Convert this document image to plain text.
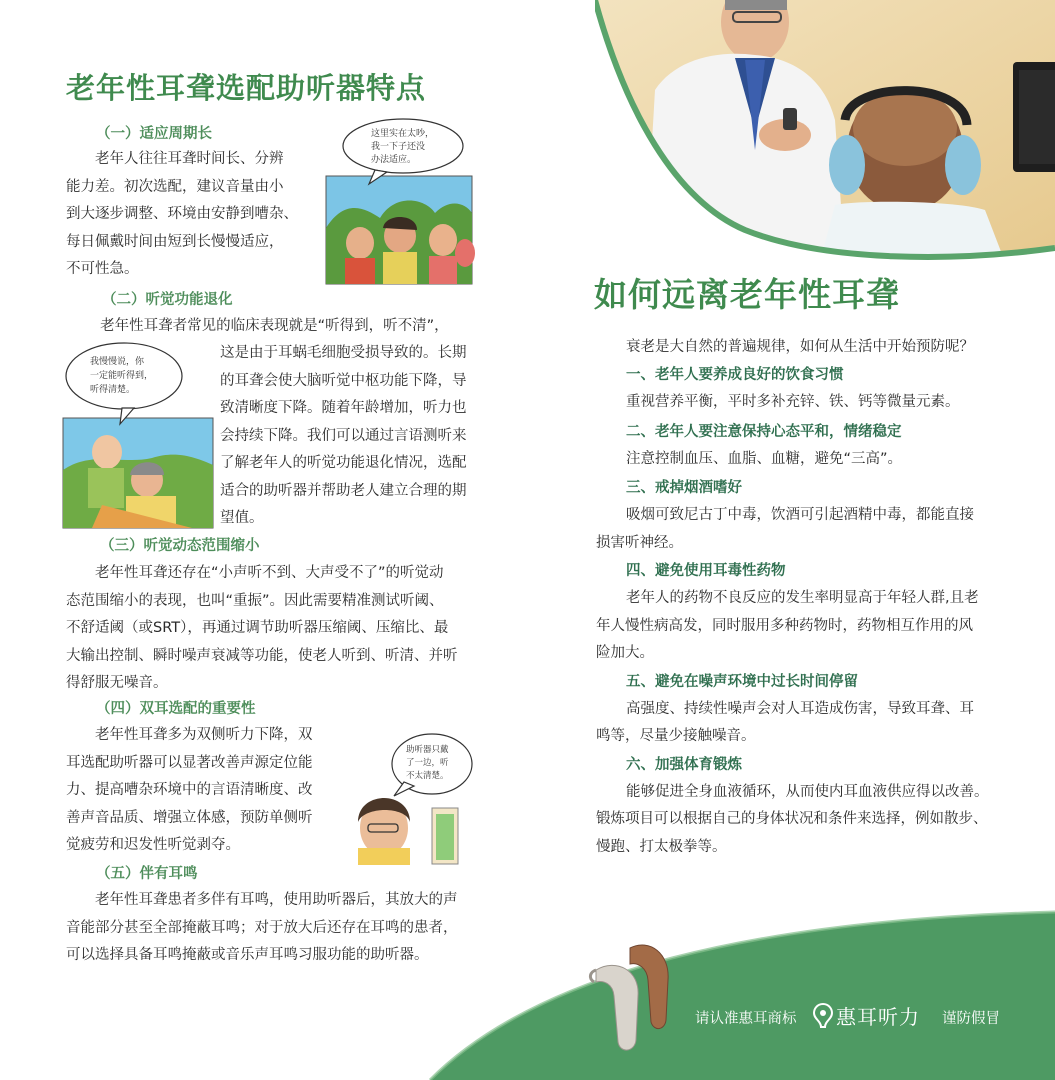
老年性耳聋选配助听器特点
（一）适应周期长
老年人往往耳聋时间长、分辨
能力差。初次选配，建议音量由小
到大逐步调整、环境由安静到嘈杂、
每日佩戴时间由短到长慢慢适应，
不可性急。
这里实在太吵，
我一下子还没
办法适应。
（二）听觉功能退化
老年性耳聋者常见的临床表现就是“听得到，听不清”，
这是由于耳蜗毛细胞受损导致的。长期
的耳聋会使大脑听觉中枢功能下降，导
致清晰度下降。随着年龄增加，听力也
会持续下降。我们可以通过言语测听来
了解老年人的听觉功能退化情况，选配
适合的助听器并帮助老人建立合理的期
望值。
我慢慢说，你
一定能听得到，
听得清楚。
（三）听觉动态范围缩小
老年性耳聋还存在“小声听不到、大声受不了”的听觉动
态范围缩小的表现，也叫“重振”。因此需要精准测试听阈、
不舒适阈（或SRT），再通过调节助听器压缩阈、压缩比、最
大输出控制、瞬时噪声衰减等功能，使老人听到、听清、并听
得舒服无噪音。
（四）双耳选配的重要性
老年性耳聋多为双侧听力下降，双
耳选配助听器可以显著改善声源定位能
力、提高嘈杂环境中的言语清晰度、改
善声音品质、增强立体感，预防单侧听
觉疲劳和迟发性听觉剥夺。
助听器只戴
了一边，听
不太清楚。
（五）伴有耳鸣
老年性耳聋患者多伴有耳鸣，使用助听器后，其放大的声
音能部分甚至全部掩蔽耳鸣；对于放大后还存在耳鸣的患者，
可以选择具备耳鸣掩蔽或音乐声耳鸣习服功能的助听器。
如何远离老年性耳聋
衰老是大自然的普遍规律，如何从生活中开始预防呢？
一、老年人要养成良好的饮食习惯
重视营养平衡，平时多补充锌、铁、钙等微量元素。
二、老年人要注意保持心态平和，情绪稳定
注意控制血压、血脂、血糖，避免“三高”。
三、戒掉烟酒嗜好
吸烟可致尼古丁中毒，饮酒可引起酒精中毒，都能直接
损害听神经。
四、避免使用耳毒性药物
老年人的药物不良反应的发生率明显高于年轻人群,且老
年人慢性病高发，同时服用多种药物时，药物相互作用的风
险加大。
五、避免在噪声环境中过长时间停留
高强度、持续性噪声会对人耳造成伤害，导致耳聋、耳
鸣等，尽量少接触噪音。
六、加强体育锻炼
能够促进全身血液循环，从而使内耳血液供应得以改善。
锻炼项目可以根据自己的身体状况和条件来选择，例如散步、
慢跑、打太极拳等。
请认准惠耳商标 惠耳听力 谨防假冒
